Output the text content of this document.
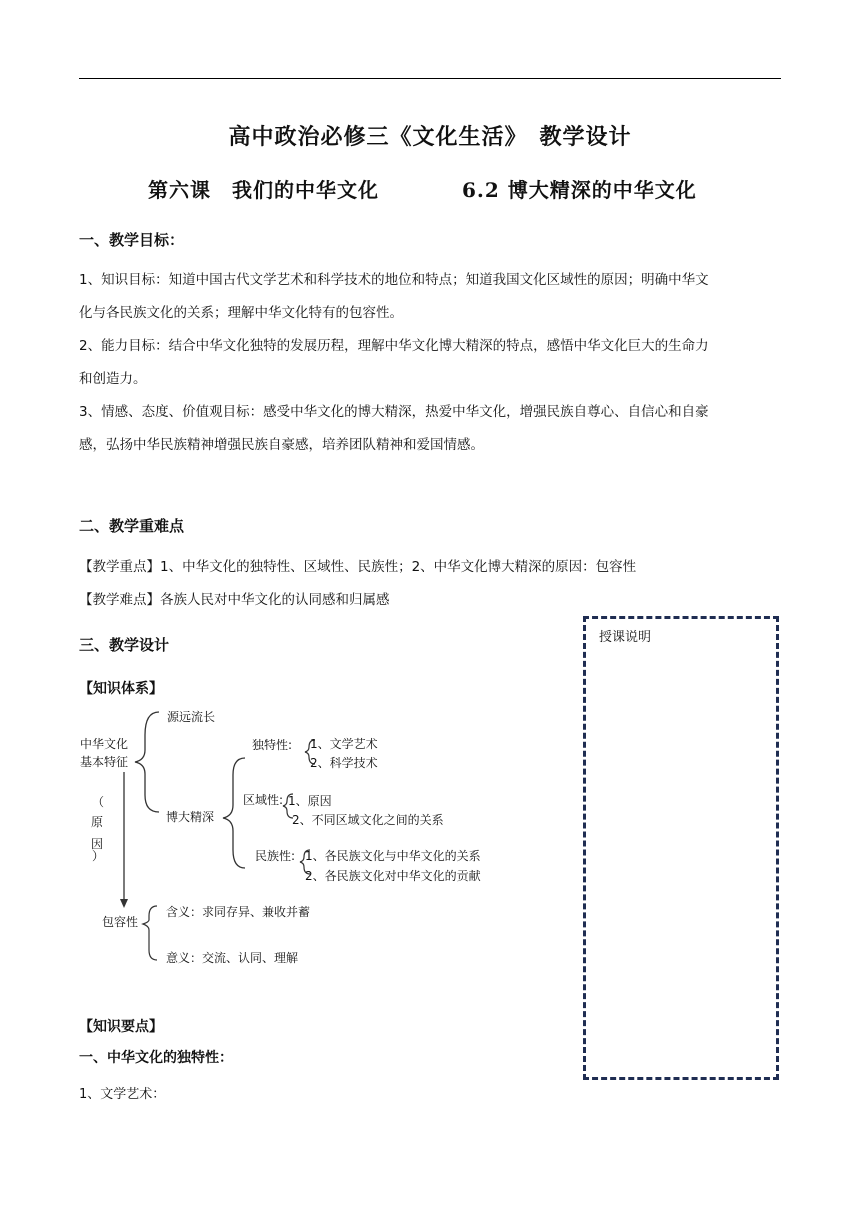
高中政治必修三《文化生活》　教学设计
第六课　我们的中华文化	6.2 博大精深的中华文化
一、教学目标：
1、知识目标：知道中国古代文学艺术和科学技术的地位和特点；知道我国文化区域性的原因；明确中华文
化与各民族文化的关系；理解中华文化特有的包容性。
2、能力目标：结合中华文化独特的发展历程，理解中华文化博大精深的特点，感悟中华文化巨大的生命力
和创造力。
3、情感、态度、价值观目标：感受中华文化的博大精深，热爱中华文化，增强民族自尊心、自信心和自豪
感，弘扬中华民族精神增强民族自豪感，培养团队精神和爱国情感。
二、教学重难点
【教学重点】1、中华文化的独特性、区域性、民族性；2、中华文化博大精深的原因：包容性
【教学难点】各族人民对中华文化的认同感和归属感
三、教学设计
【知识体系】
中华文化
基本特征
源远流长
博大精深
独特性: 1、文学艺术
2、科学技术
区域性: 1、原因
2、不同区域文化之间的关系
民族性: 1、各民族文化与中华文化的关系
2、各民族文化对中华文化的贡献
（
原
因
）
包容性
含义：求同存异、兼收并蓄
意义：交流、认同、理解
【知识要点】
一、中华文化的独特性：
1、文学艺术：
授课说明
